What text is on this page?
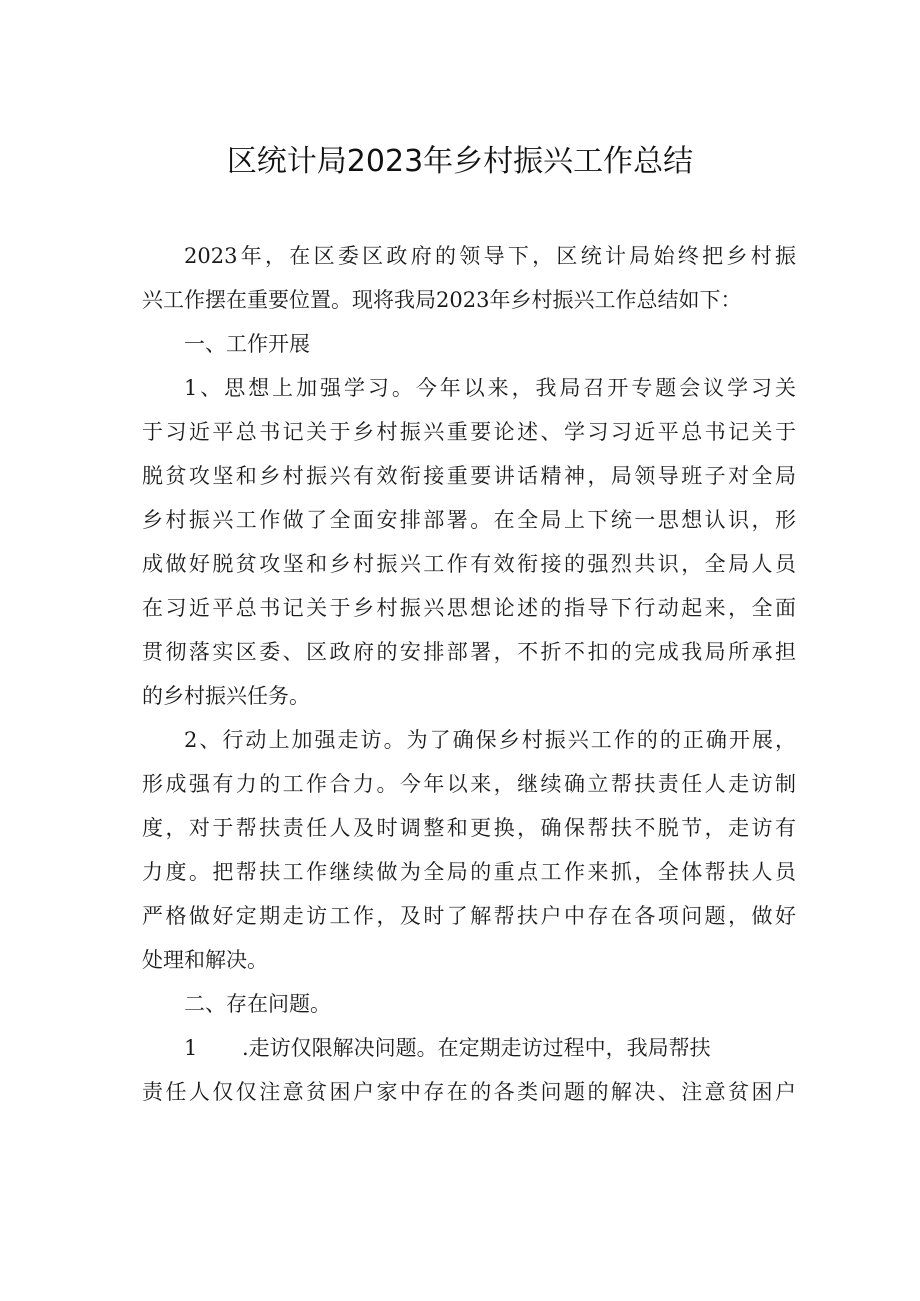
区统计局2023年乡村振兴工作总结
2023年，在区委区政府的领导下，区统计局始终把乡村振
兴工作摆在重要位置。现将我局2023年乡村振兴工作总结如下：
一、工作开展
1、思想上加强学习。今年以来，我局召开专题会议学习关
于习近平总书记关于乡村振兴重要论述、学习习近平总书记关于
脱贫攻坚和乡村振兴有效衔接重要讲话精神，局领导班子对全局
乡村振兴工作做了全面安排部署。在全局上下统一思想认识，形
成做好脱贫攻坚和乡村振兴工作有效衔接的强烈共识，全局人员
在习近平总书记关于乡村振兴思想论述的指导下行动起来，全面
贯彻落实区委、区政府的安排部署，不折不扣的完成我局所承担
的乡村振兴任务。
2、行动上加强走访。为了确保乡村振兴工作的的正确开展，
形成强有力的工作合力。今年以来，继续确立帮扶责任人走访制
度，对于帮扶责任人及时调整和更换，确保帮扶不脱节，走访有
力度。把帮扶工作继续做为全局的重点工作来抓，全体帮扶人员
严格做好定期走访工作，及时了解帮扶户中存在各项问题，做好
处理和解决。
二、存在问题。
1 .走访仅限解决问题。在定期走访过程中，我局帮扶
责任人仅仅注意贫困户家中存在的各类问题的解决、注意贫困户
